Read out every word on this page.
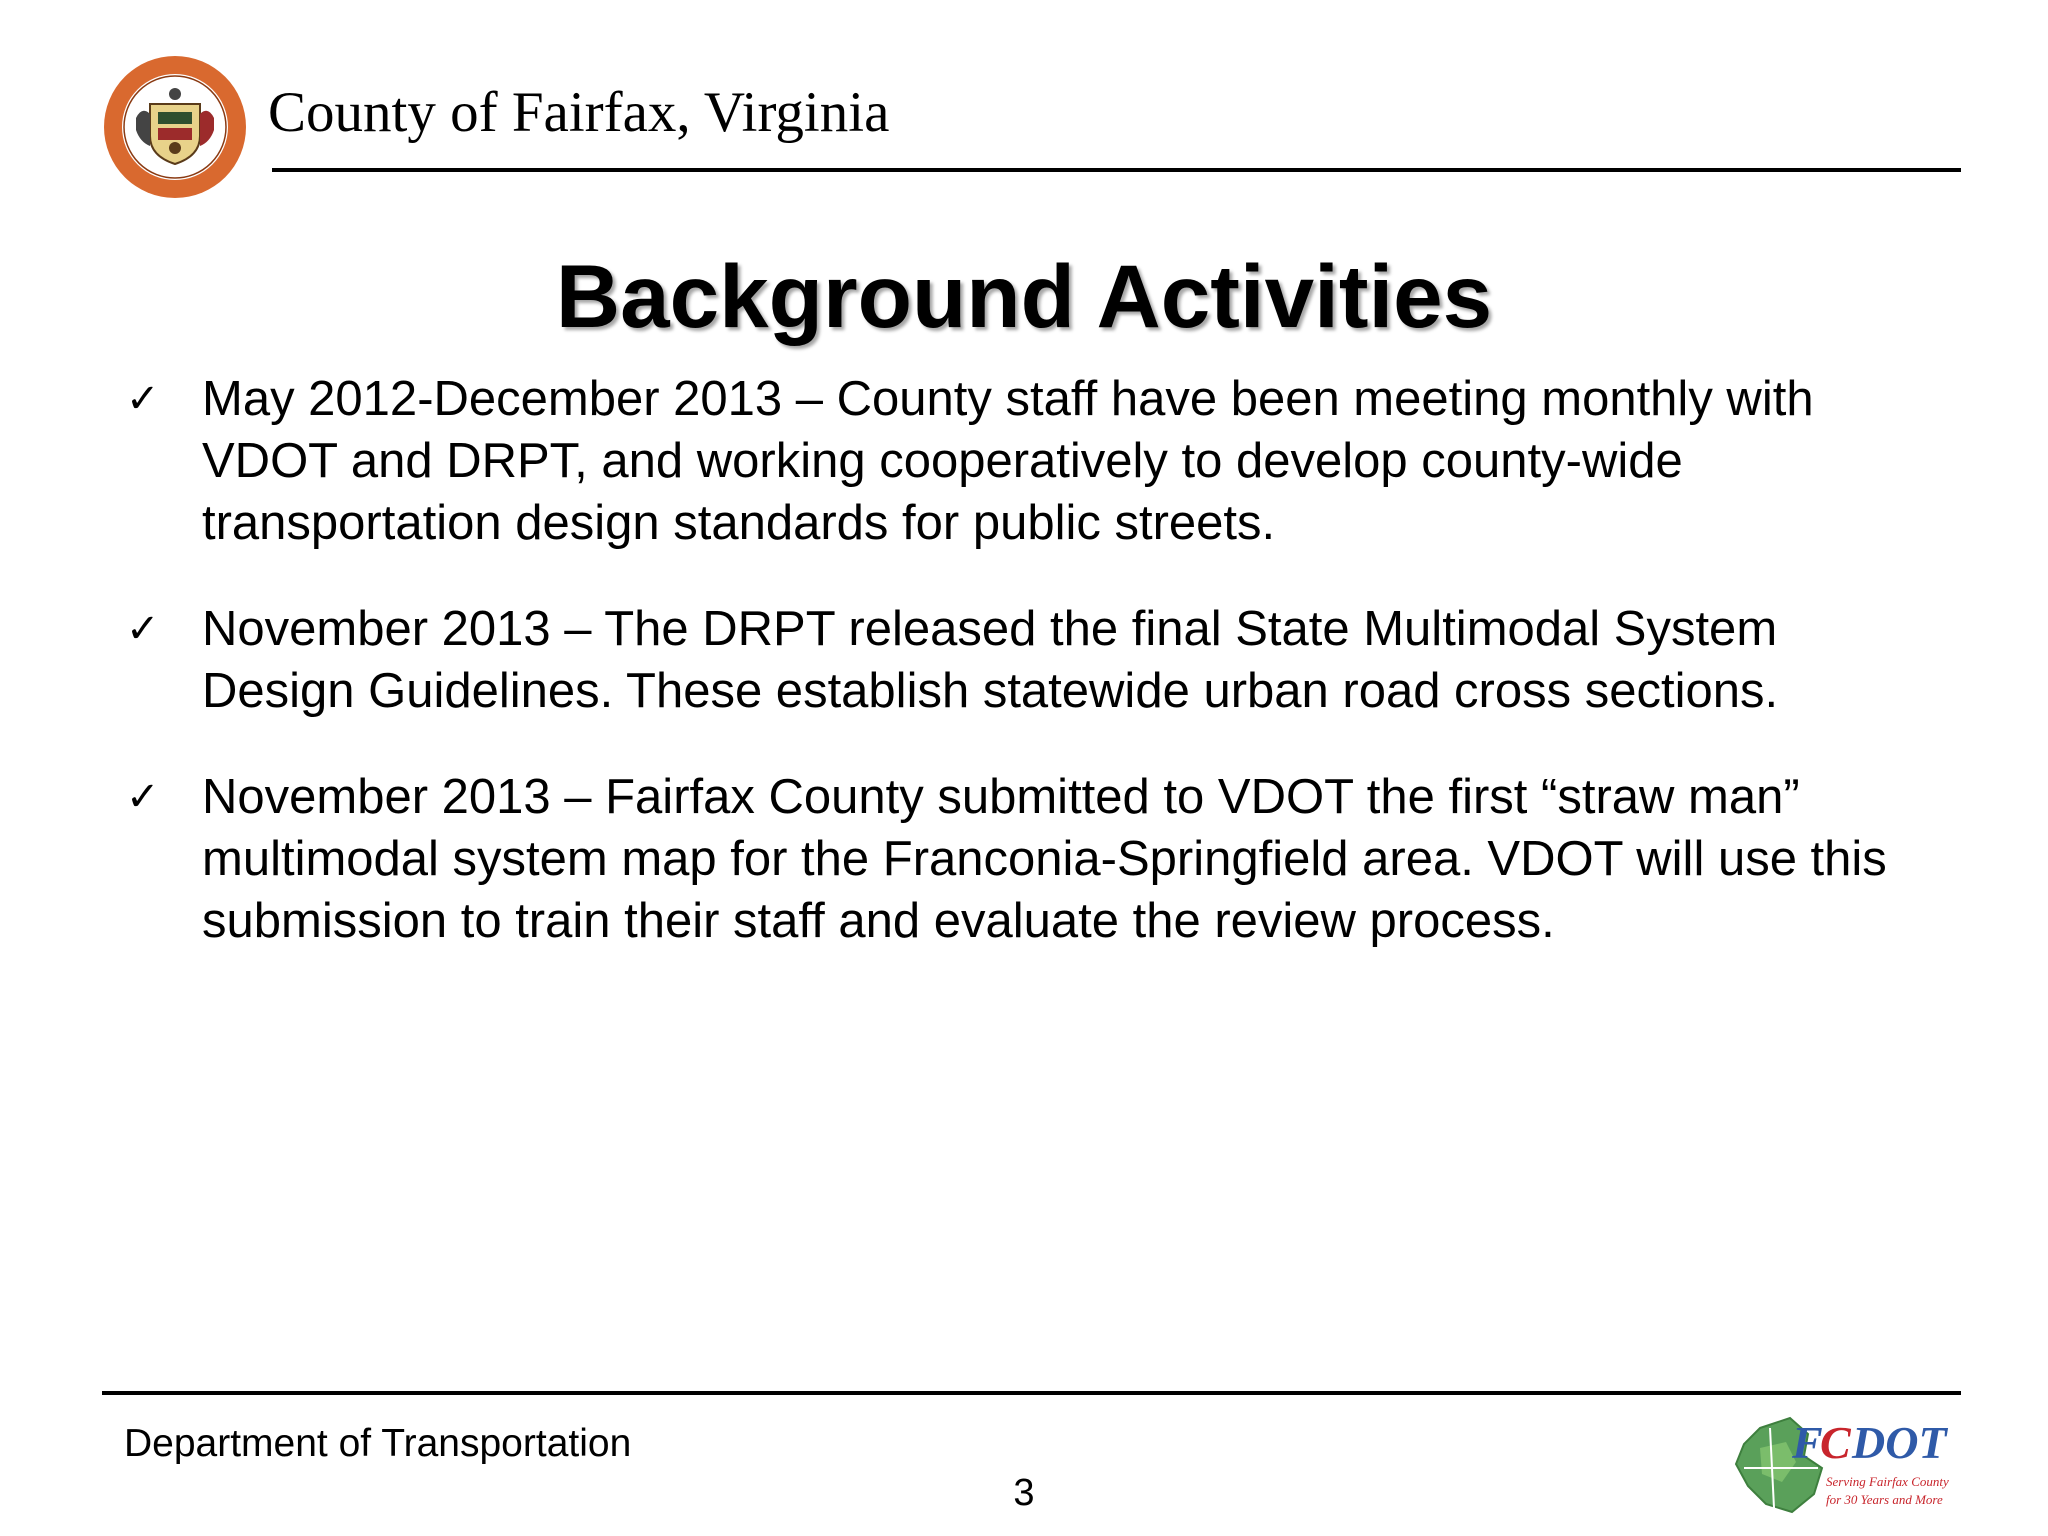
County of Fairfax, Virginia
Background Activities
✓ May 2012-December 2013 – County staff have been meeting monthly with VDOT and DRPT, and working cooperatively to develop county-wide transportation design standards for public streets.
✓ November 2013 – The DRPT released the final State Multimodal System Design Guidelines. These establish statewide urban road cross sections.
✓ November 2013 – Fairfax County submitted to VDOT the first “straw man” multimodal system map for the Franconia-Springfield area. VDOT will use this submission to train their staff and evaluate the review process.
Department of Transportation
3
F
C DOT
Serving Fairfax County
for 30 Years and More
